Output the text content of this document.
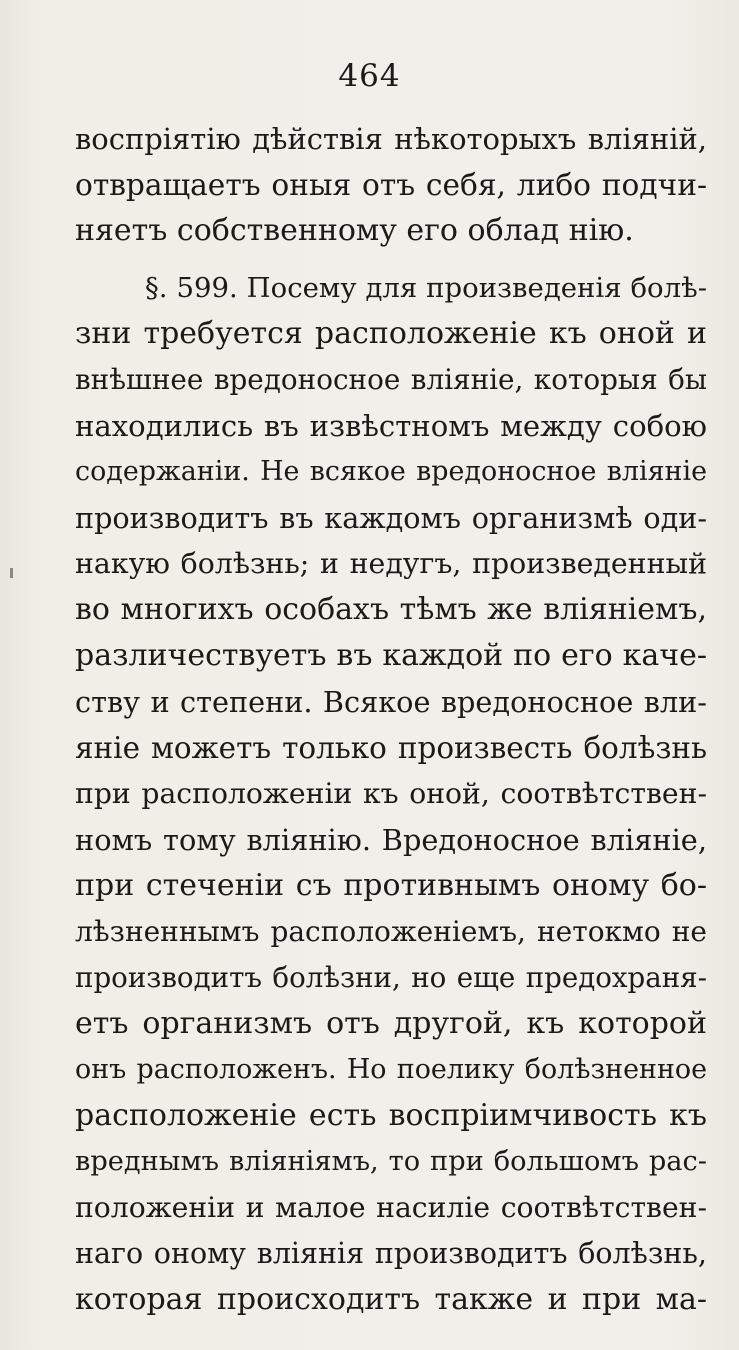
464
воспріятію дѣйствія нѣкоторыхъ вліяній,
отвращаетъ оныя отъ себя, либо подчи-
няетъ собственному его облад нію.
§. 599. Посему для произведенія болѣ-
зни требуется расположеніе къ оной и
внѣшнее вредоносное вліяніе, которыя бы
находились въ извѣстномъ между собою
содержаніи. Не всякое вредоносное вліяніе
производитъ въ каждомъ организмѣ оди-
накую болѣзнь; и недугъ, произведенный
во многихъ особахъ тѣмъ же вліяніемъ,
различествуетъ въ каждой по его каче-
ству и степени. Всякое вредоносное вли-
яніе можетъ только произвесть болѣзнь
при расположеніи къ оной, соотвѣтствен-
номъ тому вліянію. Вредоносное вліяніе,
при стеченіи съ противнымъ оному бо-
лѣзненнымъ расположеніемъ, нетокмо не
производитъ болѣзни, но еще предохраня-
етъ организмъ отъ другой, къ которой
онъ расположенъ. Но поелику болѣзненное
расположеніе есть воспріимчивость къ
вреднымъ вліяніямъ, то при большомъ рас-
положеніи и малое насиліе соотвѣтствен-
наго оному вліянія производитъ болѣзнь,
которая происходитъ также и при ма-
